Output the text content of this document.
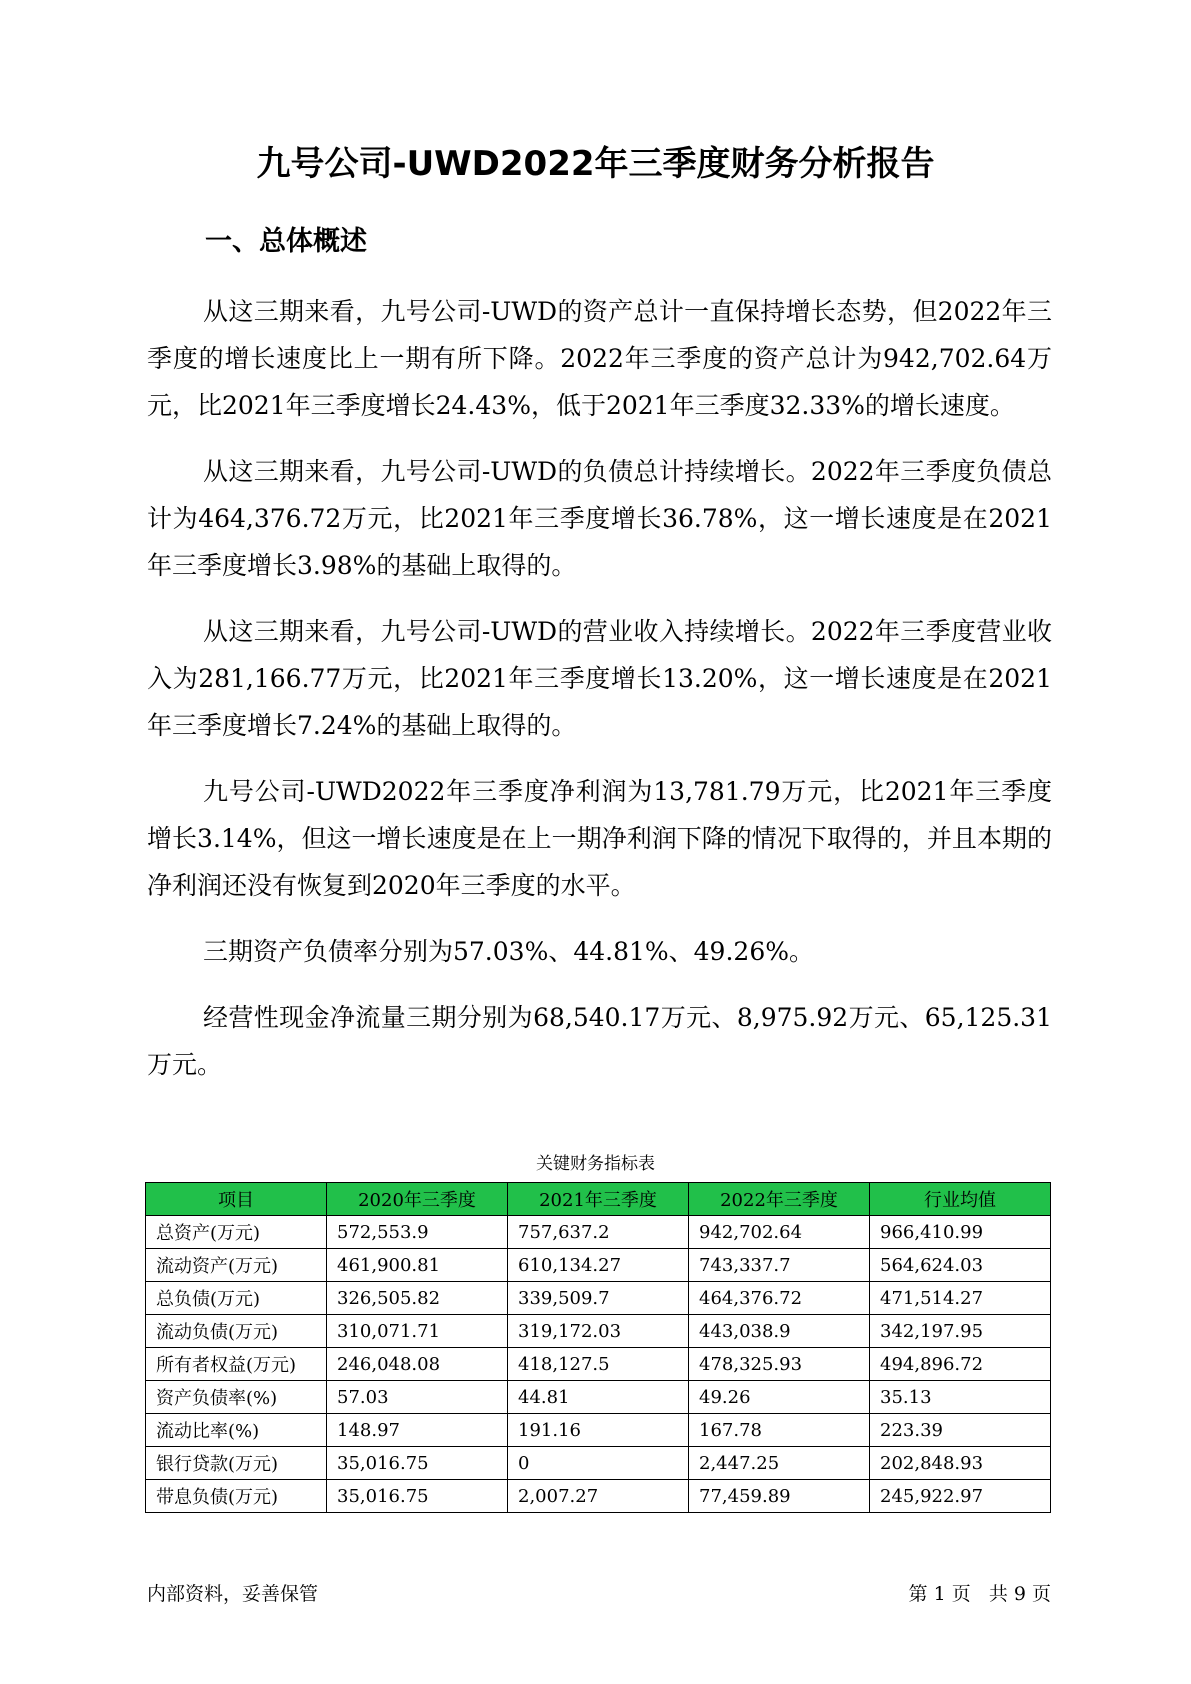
九号公司-UWD2022年三季度财务分析报告
一、总体概述

从这三期来看，九号公司-UWD的资产总计一直保持增长态势，但2022年三季度的增长速度比上一期有所下降。2022年三季度的资产总计为942,702.64万元，比2021年三季度增长24.43%，低于2021年三季度32.33%的增长速度。

从这三期来看，九号公司-UWD的负债总计持续增长。2022年三季度负债总计为464,376.72万元，比2021年三季度增长36.78%，这一增长速度是在2021年三季度增长3.98%的基础上取得的。

从这三期来看，九号公司-UWD的营业收入持续增长。2022年三季度营业收入为281,166.77万元，比2021年三季度增长13.20%，这一增长速度是在2021年三季度增长7.24%的基础上取得的。

九号公司-UWD2022年三季度净利润为13,781.79万元，比2021年三季度增长3.14%，但这一增长速度是在上一期净利润下降的情况下取得的，并且本期的净利润还没有恢复到2020年三季度的水平。

三期资产负债率分别为57.03%、44.81%、49.26%。

经营性现金净流量三期分别为68,540.17万元、8,975.92万元、65,125.31万元。

关键财务指标表
项目	2020年三季度	2021年三季度	2022年三季度	行业均值
总资产(万元)	572,553.9	757,637.2	942,702.64	966,410.99
流动资产(万元)	461,900.81	610,134.27	743,337.7	564,624.03
总负债(万元)	326,505.82	339,509.7	464,376.72	471,514.27
流动负债(万元)	310,071.71	319,172.03	443,038.9	342,197.95
所有者权益(万元)	246,048.08	418,127.5	478,325.93	494,896.72
资产负债率(%)	57.03	44.81	49.26	35.13
流动比率(%)	148.97	191.16	167.78	223.39
银行贷款(万元)	35,016.75	0	2,447.25	202,848.93
带息负债(万元)	35,016.75	2,007.27	77,459.89	245,922.97
内部资料，妥善保管	第 1 页   共 9 页
